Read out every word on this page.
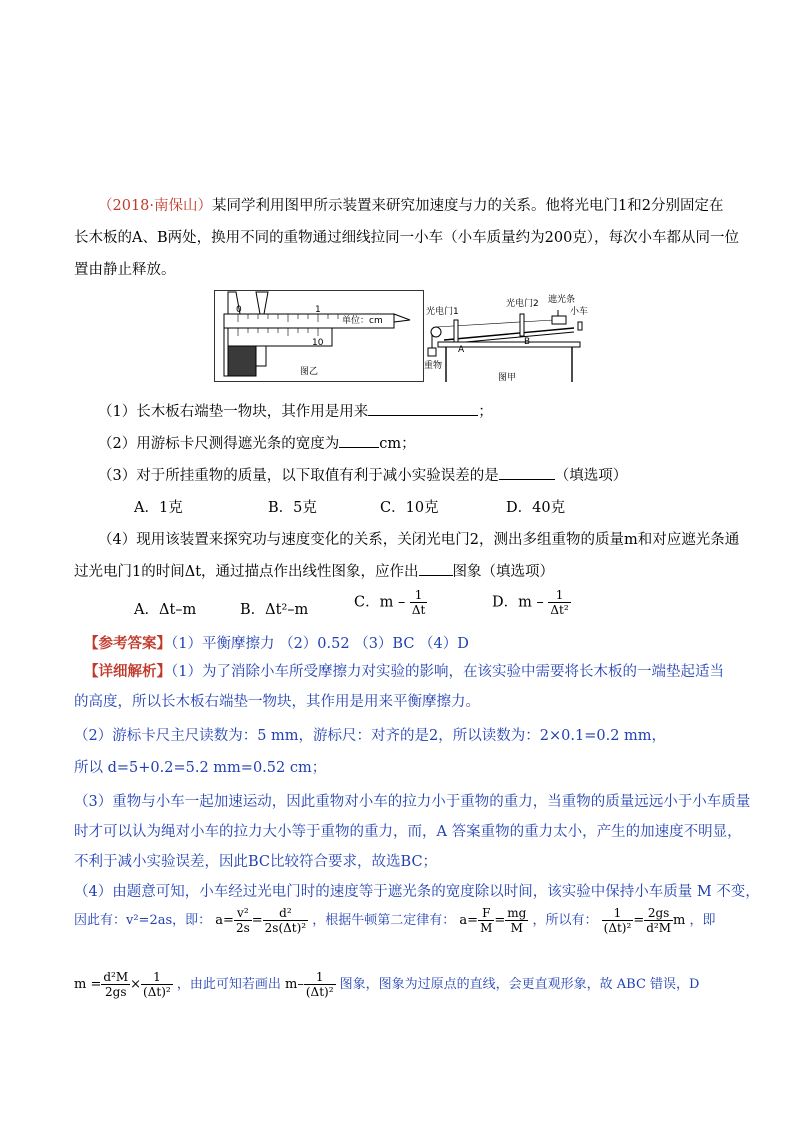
（2018·南保山）某同学利用图甲所示装置来研究加速度与力的关系。他将光电门1和2分别固定在
长木板的A、B两处，换用不同的重物通过细线拉同一小车（小车质量约为200克），每次小车都从同一位
置由静止释放。
0	1
单位：cm
10
图乙
光电门1
光电门2 遮光条
小车
重物
A
B
图甲
（1）长木板右端垫一物块，其作用是用来	；
（2）用游标卡尺测得遮光条的宽度为	cm；
（3）对于所挂重物的质量，以下取值有利于减小实验误差的是	（填选项）
A．1克	B．5克	C．10克	D．40克
（4）现用该装置来探究功与速度变化的关系，关闭光电门2，测出多组重物的质量m和对应遮光条通
过光电门1的时间Δt，通过描点作出线性图象，应作出 图象（填选项）
A．Δt–m	B．Δt²–m	C．m – $\frac{1}{\Delta t}$	D．m – $\frac{1}{\text{Δt²}}$
【参考答案】（1）平衡摩擦力 （2）0.52 （3）BC （4）D
【详细解析】（1）为了消除小车所受摩擦力对实验的影响，在该实验中需要将长木板的一端垫起适当
的高度，所以长木板右端垫一物块，其作用是用来平衡摩擦力。
（2）游标卡尺主尺读数为：5 mm，游标尺：对齐的是2，所以读数为：2×0.1=0.2 mm，
所以 d=5+0.2=5.2 mm=0.52 cm；
（3）重物与小车一起加速运动，因此重物对小车的拉力小于重物的重力，当重物的质量远远小于小车质量
时才可以认为绳对小车的拉力大小等于重物的重力，而，A 答案重物的重力太小，产生的加速度不明显，
不利于减小实验误差，因此BC比较符合要求，故选BC；
（4）由题意可知，小车经过光电门时的速度等于遮光条的宽度除以时间，该实验中保持小车质量 M 不变，
因此有：v²=2as，即： $a= \frac{\text{v²}}{2s} = \frac{\text{d²}}{\text{2s(Δt)²}}$ ，根据牛顿第二定律有： $a= \frac{F}{M} = \frac{mg}{M}$ ，所以有： $\frac{1}{\text{(Δt)²}} = \frac{2gs}{\text{d²M}}$ m ，即
$m = \frac{\text{d²M}}{2gs} \times \frac{1}{\text{(Δt)²}}$ ，由此可知若画出 $m- \frac{1}{\text{(Δt)²}}$ 图象，图象为过原点的直线，会更直观形象，故 ABC 错误，D
